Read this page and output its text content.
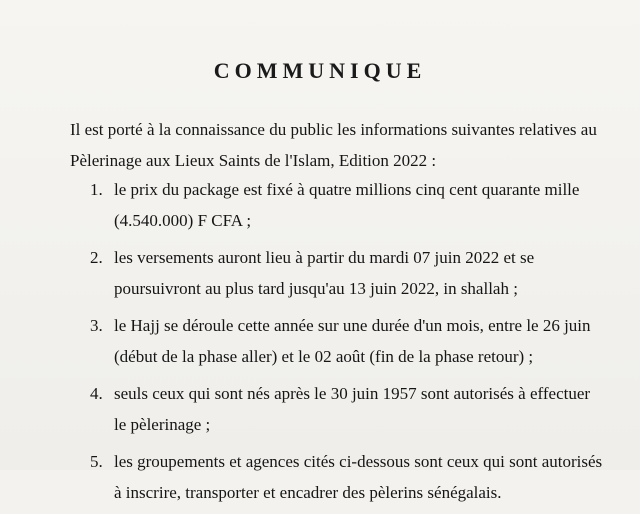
COMMUNIQUE

Il est porté à la connaissance du public les informations suivantes relatives au
Pèlerinage aux Lieux Saints de l'Islam, Edition 2022 :

1. le prix du package est fixé à quatre millions cinq cent quarante mille
(4.540.000) F CFA ;
2. les versements auront lieu à partir du mardi 07 juin 2022 et se
poursuivront au plus tard jusqu'au 13 juin 2022, in shallah ;
3. le Hajj se déroule cette année sur une durée d'un mois, entre le 26 juin
(début de la phase aller) et le 02 août (fin de la phase retour) ;
4. seuls ceux qui sont nés après le 30 juin 1957 sont autorisés à effectuer
le pèlerinage ;
5. les groupements et agences cités ci-dessous sont ceux qui sont autorisés
à inscrire, transporter et encadrer des pèlerins sénégalais.
